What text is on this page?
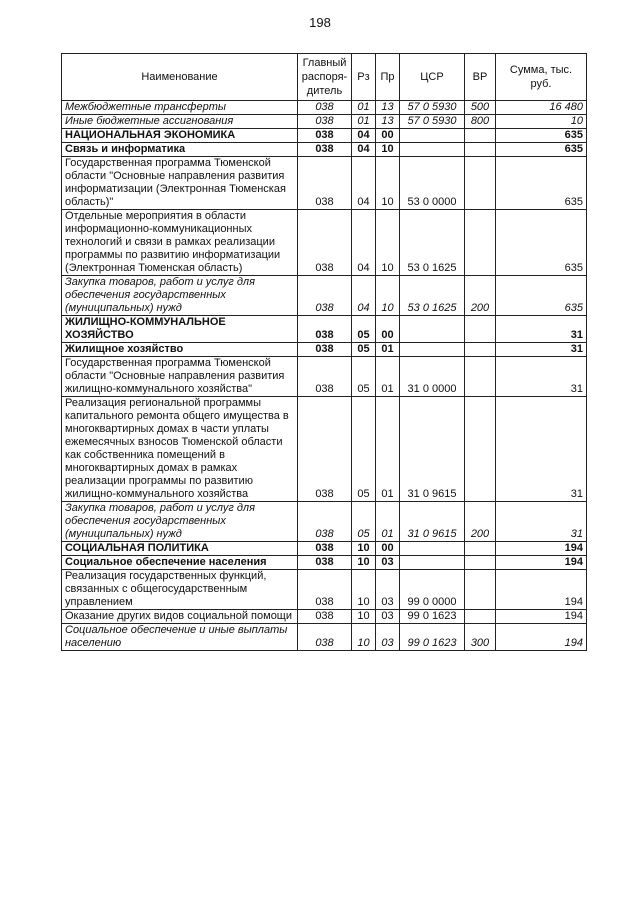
198
Наименование	Главный распоря-дитель	Рз	Пр	ЦСР	ВР	Сумма, тыс. руб.
Межбюджетные трансферты	038	01	13	57 0 5930	500	16 480
Иные бюджетные ассигнования	038	01	13	57 0 5930	800	10
НАЦИОНАЛЬНАЯ ЭКОНОМИКА	038	04	00			635
Связь и информатика	038	04	10			635
Государственная программа Тюменской области "Основные направления развития информатизации (Электронная Тюменская область)"	038	04	10	53 0 0000		635
Отдельные мероприятия в области информационно-коммуникационных технологий и связи в рамках реализации программы по развитию информатизации (Электронная Тюменская область)	038	04	10	53 0 1625		635
Закупка товаров, работ и услуг для обеспечения государственных (муниципальных) нужд	038	04	10	53 0 1625	200	635
ЖИЛИЩНО-КОММУНАЛЬНОЕ ХОЗЯЙСТВО	038	05	00			31
Жилищное хозяйство	038	05	01			31
Государственная программа Тюменской области "Основные направления развития жилищно-коммунального хозяйства"	038	05	01	31 0 0000		31
Реализация региональной программы капитального ремонта общего имущества в многоквартирных домах в части уплаты ежемесячных взносов Тюменской области как собственника помещений в многоквартирных домах в рамках реализации программы по развитию жилищно-коммунального хозяйства	038	05	01	31 0 9615		31
Закупка товаров, работ и услуг для обеспечения государственных (муниципальных) нужд	038	05	01	31 0 9615	200	31
СОЦИАЛЬНАЯ ПОЛИТИКА	038	10	00			194
Социальное обеспечение населения	038	10	03			194
Реализация государственных функций, связанных с общегосударственным управлением	038	10	03	99 0 0000		194
Оказание других видов социальной помощи	038	10	03	99 0 1623		194
Социальное обеспечение и иные выплаты населению	038	10	03	99 0 1623	300	194
